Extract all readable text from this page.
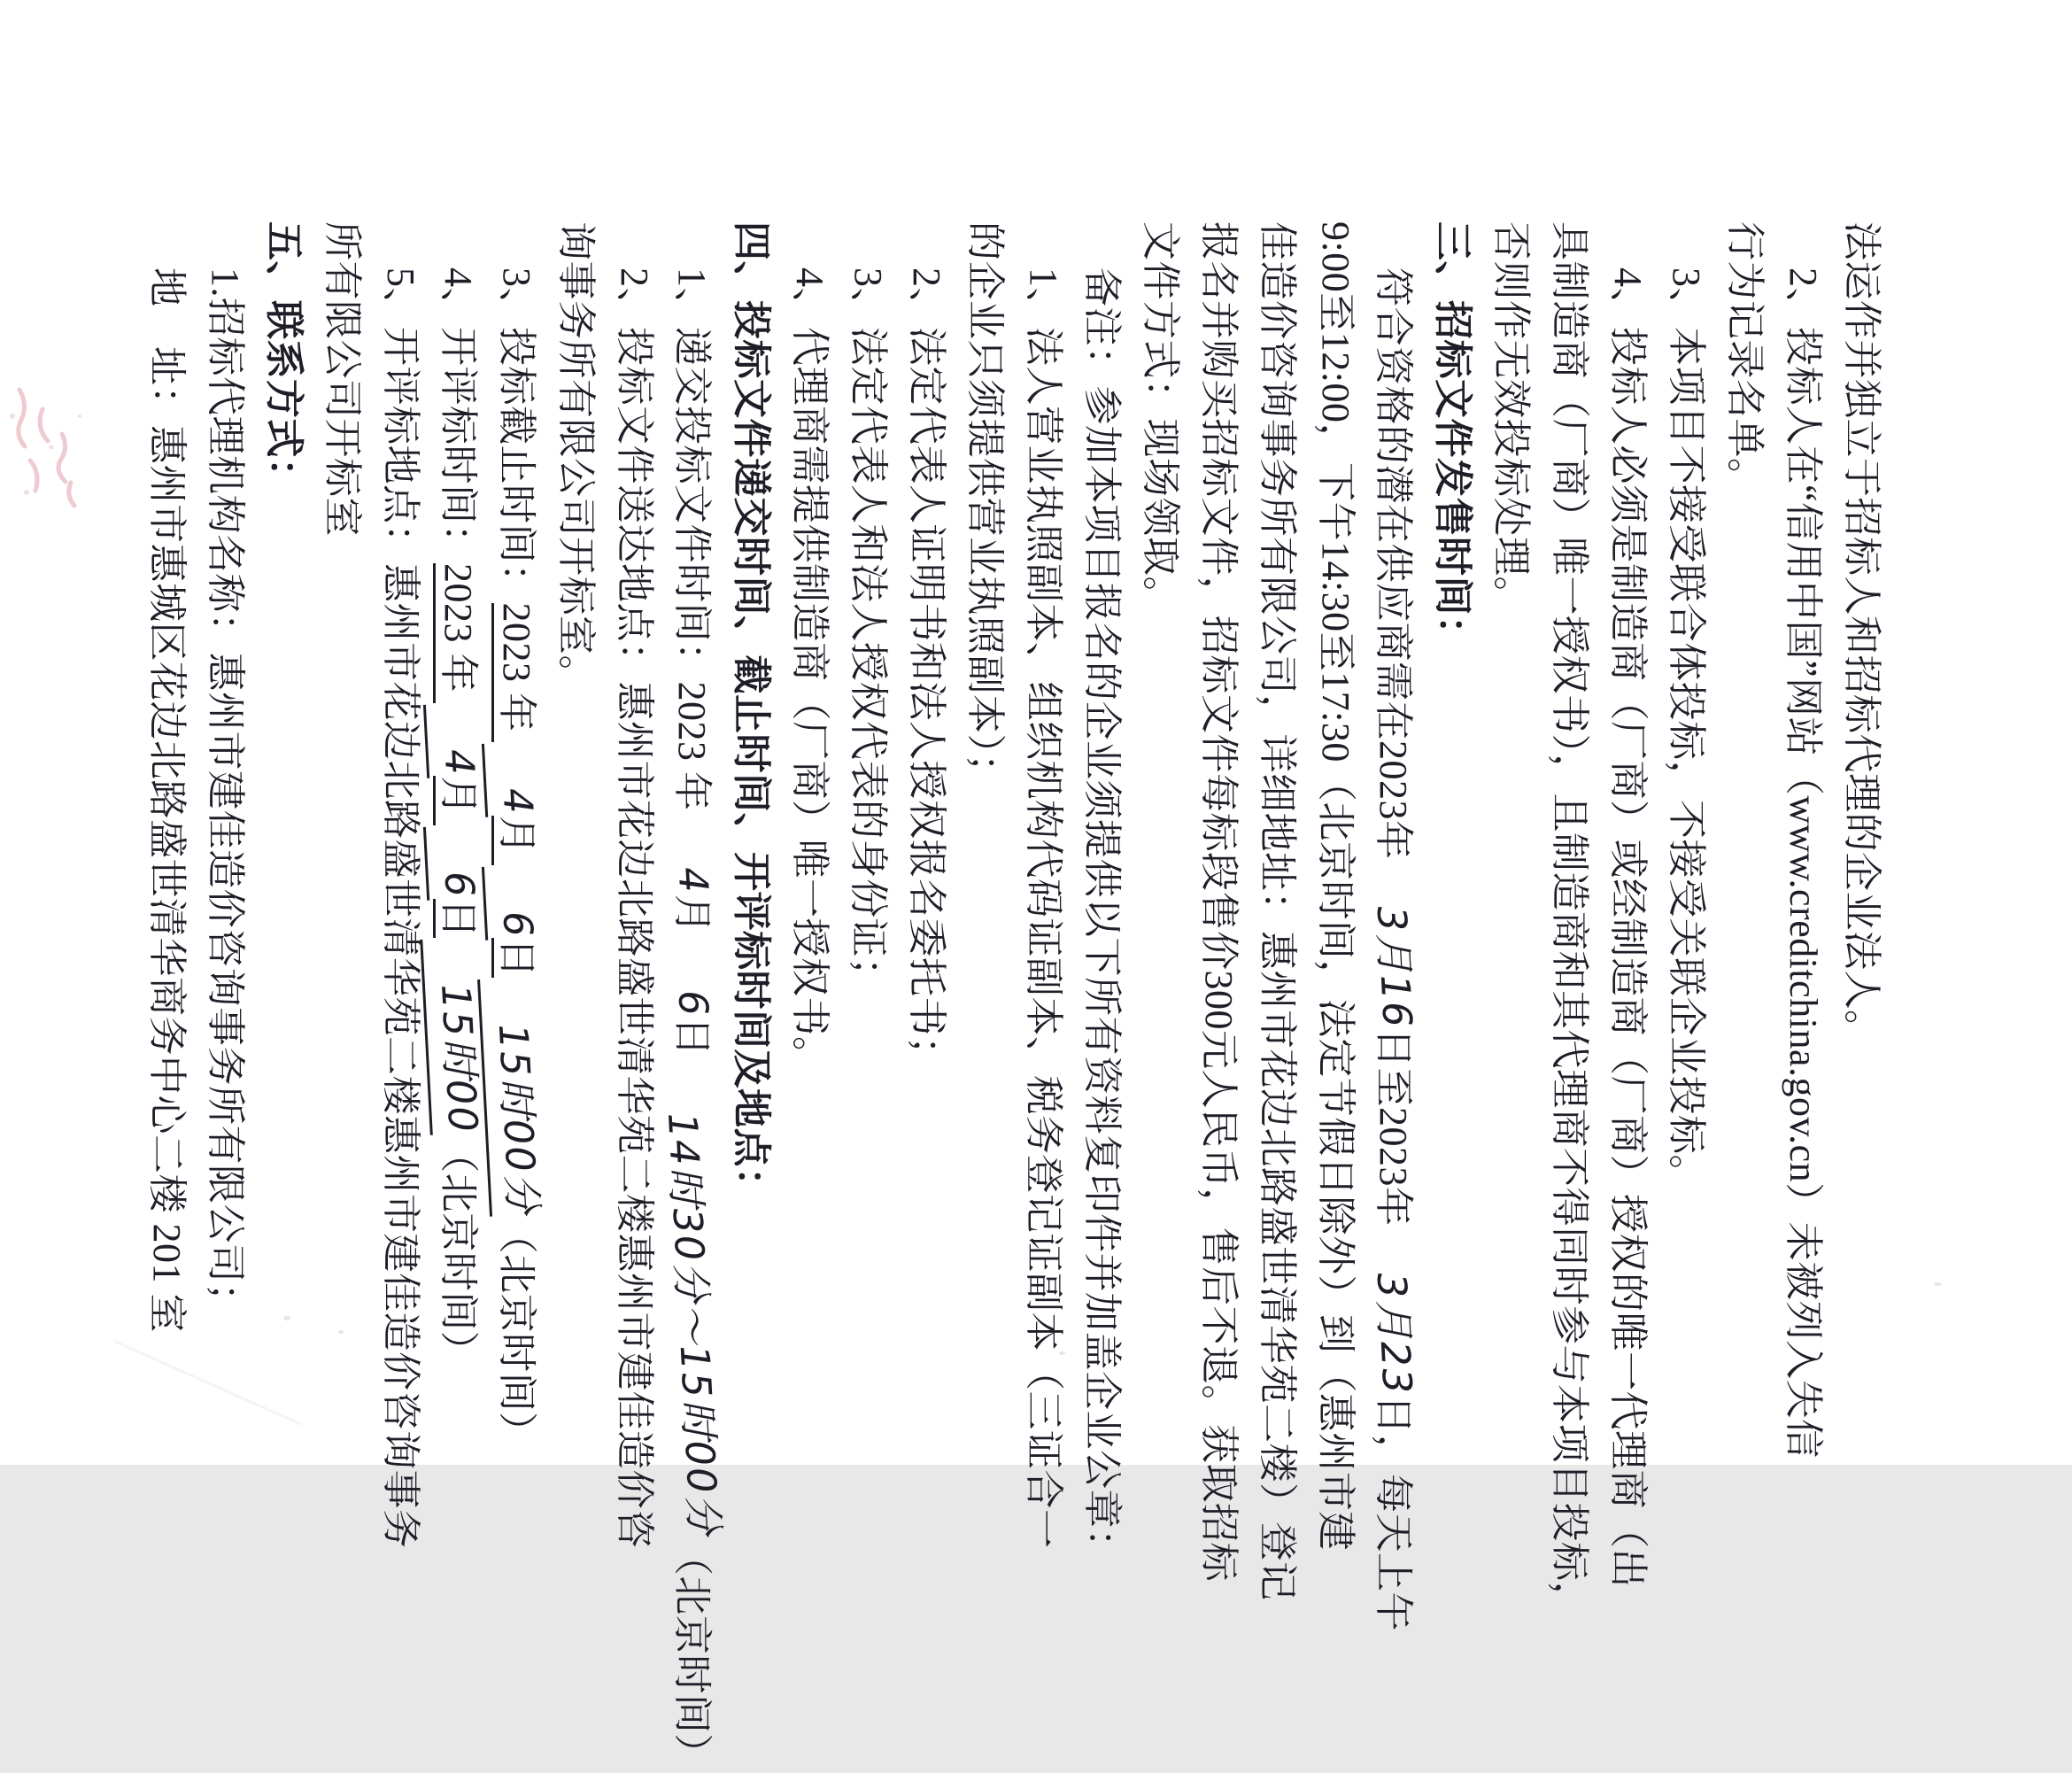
法运作并独立于招标人和招标代理的企业法人。
2、投标人在“信用中国”网站（www.creditchina.gov.cn）未被列入失信
行为记录名单。
3、本项目不接受联合体投标，不接受关联企业投标。
4、投标人必须是制造商（厂商）或经制造商（厂商）授权的唯一代理商（出
具制造商（厂商）唯一授权书），且制造商和其代理商不得同时参与本项目投标，
否则作无效投标处理。
三、招标文件发售时间：
符合资格的潜在供应商需在2023年3月16日至2023年3月23日，每天上午
9:00至12:00，下午14:30至17:30（北京时间，法定节假日除外）到（惠州市建
佳造价咨询事务所有限公司，详细地址：惠州市花边北路盛世清华苑二楼）登记
报名并购买招标文件，招标文件每标段售价300元人民币，售后不退。获取招标
文件方式：现场领取。
备注：参加本项目报名的企业须提供以下所有资料复印件并加盖企业公章：
1、法人营业执照副本、组织机构代码证副本、税务登记证副本（三证合一
的企业只须提供营业执照副本）；
2、法定代表人证明书和法人授权报名委托书；
3、法定代表人和法人授权代表的身份证；
4、代理商需提供制造商（厂商）唯一授权书。
四、投标文件递交时间、截止时间、开评标时间及地点：
1、递交投标文件时间：2023 年 4月 6日 14时30分～15时00分（北京时间）
2、投标文件送达地点：惠州市花边北路盛世清华苑二楼惠州市建佳造价咨
询事务所有限公司开标室。
3、投标截止时间：2023 年 4月 6日15时00分（北京时间）
4、开评标时间：2023 年 4月 6日15时00（北京时间）
5、开评标地点：惠州市花边北路盛世清华苑二楼惠州市建佳造价咨询事务
所有限公司开标室
五、联系方式：
1.招标代理机构名称：惠州市建佳造价咨询事务所有限公司；
地　址：惠州市惠城区花边北路盛世清华商务中心二楼 201 室
